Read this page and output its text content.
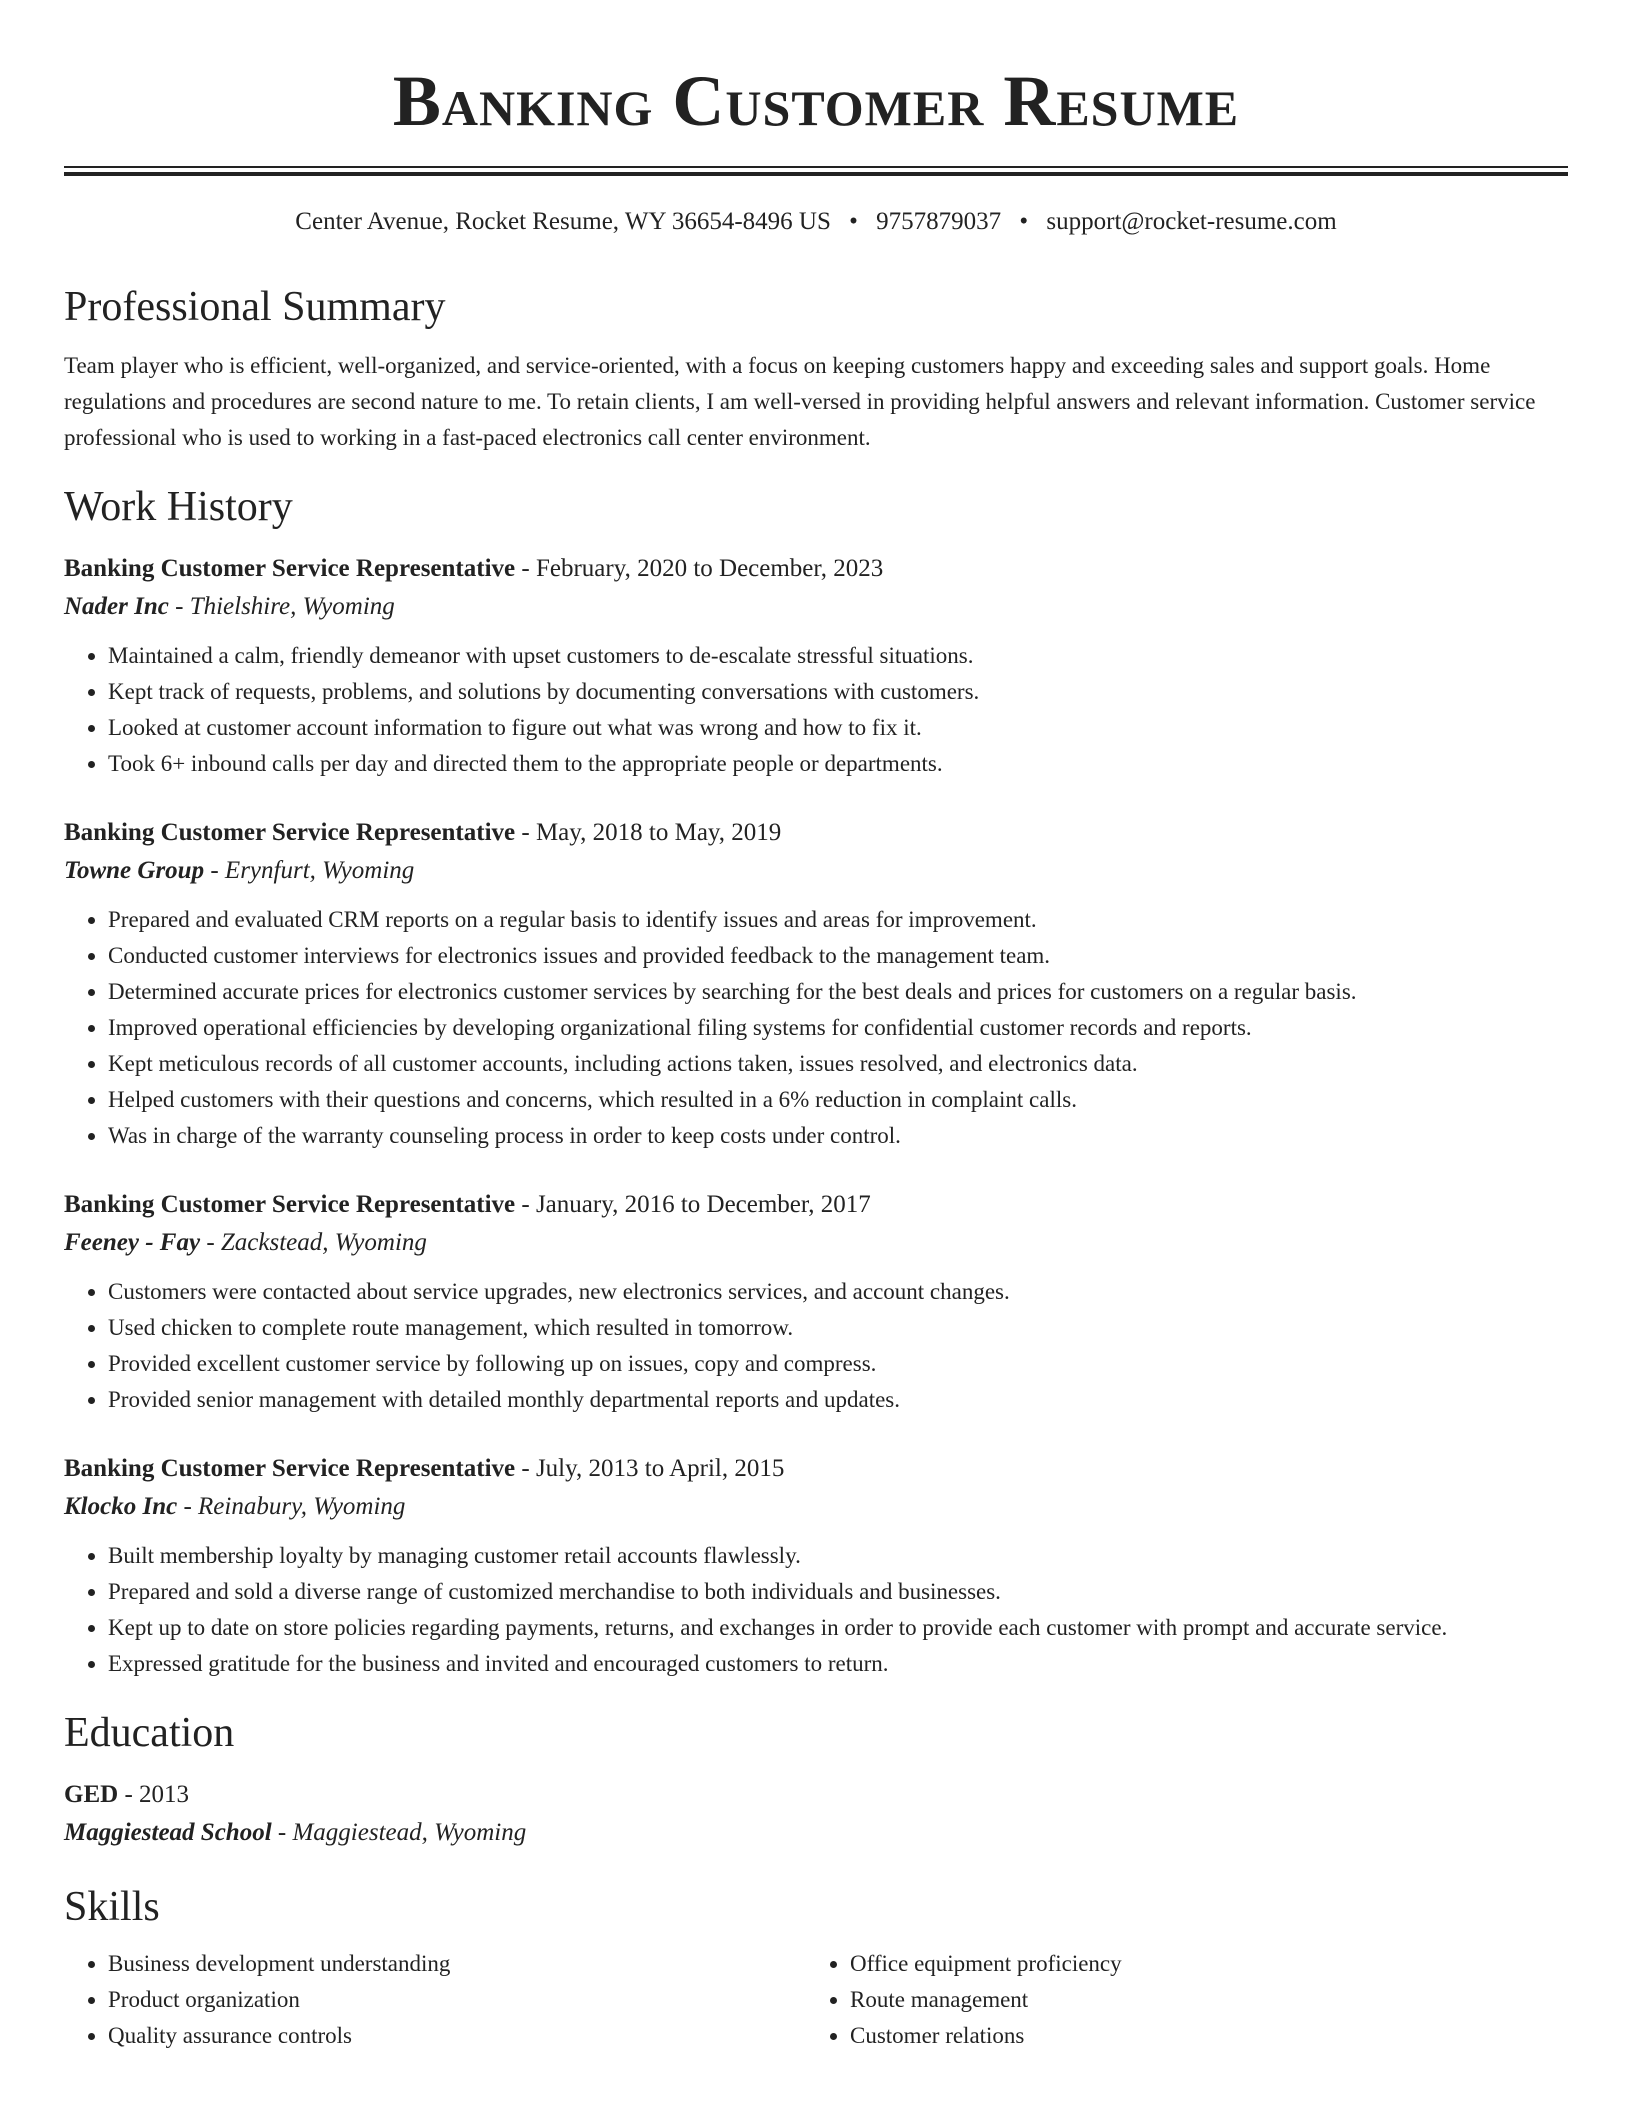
Banking Customer Resume
Center Avenue, Rocket Resume, WY 36654-8496 US • 9757879037 • support@rocket-resume.com
Professional Summary

Team player who is efficient, well-organized, and service-oriented, with a focus on keeping customers happy and exceeding sales and support goals. Home regulations and procedures are second nature to me. To retain clients, I am well-versed in providing helpful answers and relevant information. Customer service professional who is used to working in a fast-paced electronics call center environment.

Work History
Banking Customer Service Representative - February, 2020 to December, 2023
Nader Inc - Thielshire, Wyoming
• Maintained a calm, friendly demeanor with upset customers to de-escalate stressful situations.
• Kept track of requests, problems, and solutions by documenting conversations with customers.
• Looked at customer account information to figure out what was wrong and how to fix it.
• Took 6+ inbound calls per day and directed them to the appropriate people or departments.
Banking Customer Service Representative - May, 2018 to May, 2019
Towne Group - Erynfurt, Wyoming
• Prepared and evaluated CRM reports on a regular basis to identify issues and areas for improvement.
• Conducted customer interviews for electronics issues and provided feedback to the management team.
• Determined accurate prices for electronics customer services by searching for the best deals and prices for customers on a regular basis.
• Improved operational efficiencies by developing organizational filing systems for confidential customer records and reports.
• Kept meticulous records of all customer accounts, including actions taken, issues resolved, and electronics data.
• Helped customers with their questions and concerns, which resulted in a 6% reduction in complaint calls.
• Was in charge of the warranty counseling process in order to keep costs under control.
Banking Customer Service Representative - January, 2016 to December, 2017
Feeney - Fay - Zackstead, Wyoming
• Customers were contacted about service upgrades, new electronics services, and account changes.
• Used chicken to complete route management, which resulted in tomorrow.
• Provided excellent customer service by following up on issues, copy and compress.
• Provided senior management with detailed monthly departmental reports and updates.
Banking Customer Service Representative - July, 2013 to April, 2015
Klocko Inc - Reinabury, Wyoming
• Built membership loyalty by managing customer retail accounts flawlessly.
• Prepared and sold a diverse range of customized merchandise to both individuals and businesses.
• Kept up to date on store policies regarding payments, returns, and exchanges in order to provide each customer with prompt and accurate service.
• Expressed gratitude for the business and invited and encouraged customers to return.
Education
GED - 2013
Maggiestead School - Maggiestead, Wyoming
Skills
• Business development understanding
• Product organization
• Quality assurance controls
• Office equipment proficiency
• Route management
• Customer relations
